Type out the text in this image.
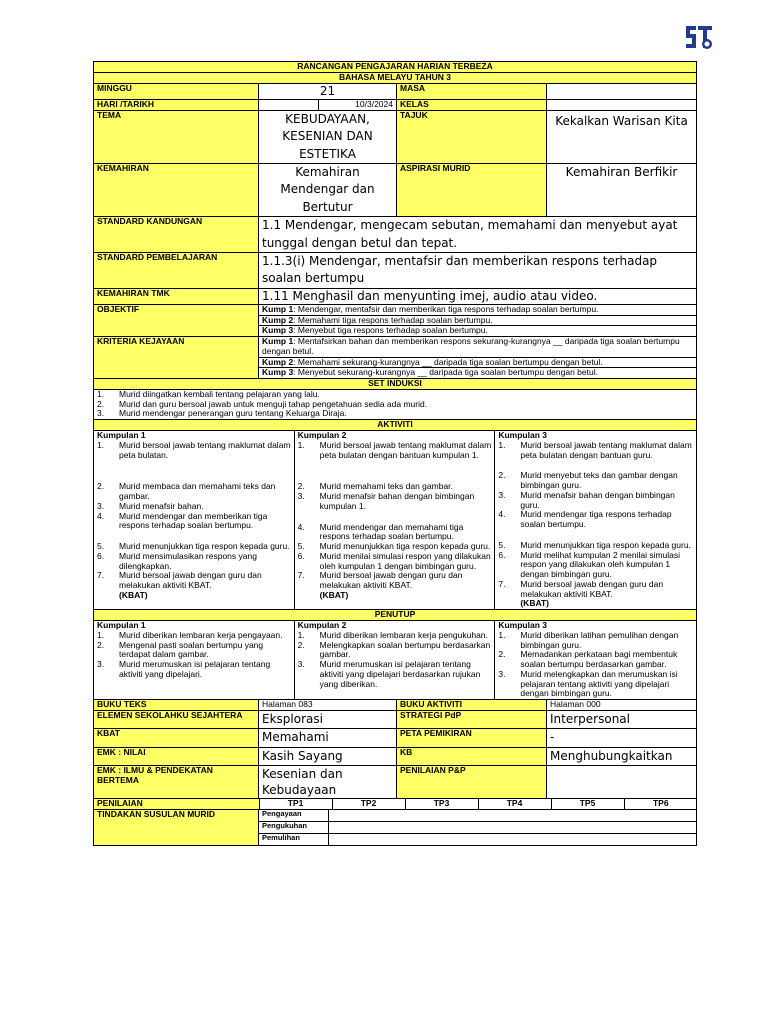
RANCANGAN PENGAJARAN HARIAN TERBEZA
BAHASA MELAYU TAHUN 3
MINGGU	21	MASA	
HARI /TARIKH		10/3/2024	KELAS	
TEMA	KEBUDAYAAN, KESENIAN DAN ESTETIKA	TAJUK	Kekalkan Warisan Kita
KEMAHIRAN	Kemahiran Mendengar dan Bertutur	ASPIRASI MURID	Kemahiran Berfikir
STANDARD KANDUNGAN	1.1 Mendengar, mengecam sebutan, memahami dan menyebut ayat tunggal dengan betul dan tepat.
STANDARD PEMBELAJARAN	1.1.3(i) Mendengar, mentafsir dan memberikan respons terhadap soalan bertumpu
KEMAHIRAN TMK	1.11 Menghasil dan menyunting imej, audio atau video.
OBJEKTIF	Kump 1: Mendengar, mentafsir dan memberikan tiga respons terhadap soalan bertumpu.
Kump 2: Memahami tiga respons terhadap soalan bertumpu.
Kump 3: Menyebut tiga respons terhadap soalan bertumpu.
KRITERIA KEJAYAAN	Kump 1: Mentafsirkan bahan dan memberikan respons sekurang-kurangnya __ daripada tiga soalan bertumpu dengan betul.
Kump 2: Memahami sekurang-kurangnya __ daripada tiga soalan bertumpu dengan betul.
Kump 3: Menyebut sekurang-kurangnya __ daripada tiga soalan bertumpu dengan betul.
SET INDUKSI

1.	Murid diingatkan kembali tentang pelajaran yang lalu.
2.	Murid dan guru bersoal jawab untuk menguji tahap pengetahuan sedia ada murid.
3.	Murid mendengar penerangan guru tentang Keluarga Diraja.

AKTIVITI

Kumpulan 1
1.	Murid bersoal jawab tentang maklumat dalam peta bulatan.
2.	Murid membaca dan memahami teks dan gambar.
3.	Murid menafsir bahan.
4.	Murid mendengar dan memberikan tiga respons terhadap soalan bertumpu.
5.	Murid menunjukkan tiga respon kepada guru.
6.	Murid mensimulasikan respons yang dilengkapkan.
7.	Murid bersoal jawab dengan guru dan melakukan aktiviti KBAT.
(KBAT)
Kumpulan 2
1.	Murid bersoal jawab tentang maklumat dalam peta bulatan dengan bantuan kumpulan 1.
2.	Murid memahami teks dan gambar.
3.	Murid menafsir bahan dengan bimbingan kumpulan 1.
4.	Murid mendengar dan memahami tiga respons terhadap soalan bertumpu.
5.	Murid menunjukkan tiga respon kepada guru.
6.	Murid menilai simulasi respon yang dilakukan oleh kumpulan 1 dengan bimbingan guru.
7.	Murid bersoal jawab dengan guru dan melakukan aktiviti KBAT.
(KBAT)
Kumpulan 3
1.	Murid bersoal jawab tentang maklumat dalam peta bulatan dengan bantuan guru.
2.	Murid menyebut teks dan gambar dengan bimbingan guru.
3.	Murid menafsir bahan dengan bimbingan guru.
4.	Murid mendengar tiga respons terhadap soalan bertumpu.
5.	Murid menunjukkan tiga respon kepada guru.
6.	Murid melihat kumpulan 2 menilai simulasi respon yang dilakukan oleh kumpulan 1 dengan bimbingan guru.
7.	Murid bersoal jawab dengan guru dan melakukan aktiviti KBAT.
(KBAT)

PENUTUP

Kumpulan 1
1.	Murid diberikan lembaran kerja pengayaan.
2.	Mengenal pasti soalan bertumpu yang terdapat dalam gambar.
3.	Murid merumuskan isi pelajaran tentang aktiviti yang dipelajari.
Kumpulan 2
1.	Murid diberikan lembaran kerja pengukuhan.
2.	Melengkapkan soalan bertumpu berdasarkan gambar.
3.	Murid merumuskan isi pelajaran tentang aktiviti yang dipelajari berdasarkan rujukan yang diberikan.
Kumpulan 3
1.	Murid diberikan latihan pemulihan dengan bimbingan guru.
2.	Memadankan perkataan bagi membentuk soalan bertumpu berdasarkan gambar.
3.	Murid melengkapkan dan merumuskan isi pelajaran tentang aktiviti yang dipelajari dengan bimbingan guru.

BUKU TEKS	Halaman 083	BUKU AKTIVITI	Halaman 000
ELEMEN SEKOLAHKU SEJAHTERA	Eksplorasi	STRATEGI PdP	Interpersonal
KBAT	Memahami	PETA PEMIKIRAN	-
EMK : NILAI	Kasih Sayang	KB	Menghubungkaitkan
EMK : ILMU & PENDEKATAN BERTEMA	Kesenian dan Kebudayaan	PENILAIAN P&P	

PENILAIAN	TP1	TP2	TP3	TP4	TP5	TP6
TINDAKAN SUSULAN MURID	Pengayaan
Pengukuhan
Pemulihan
